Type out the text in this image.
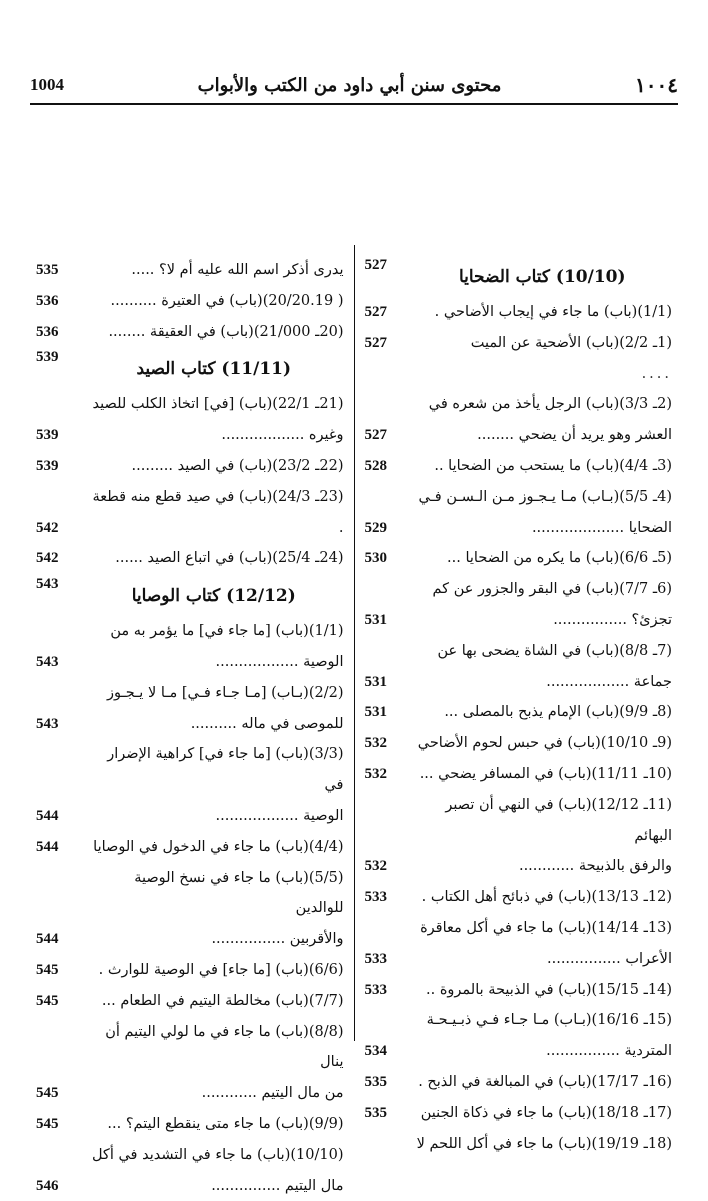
1004	محتوى سنن أبي داود من الكتب والأبواب	١٠٠٤
يدرى أذكر اسم الله عليه أم لا؟ .....
535
( 20/20.19)(باب) في العتيرة ..........
536
(20ـ 21/000)(باب) في العقيقة ........
536
(11/11) كتاب الصيد
539
(21ـ 22/1)(باب) [في] اتخاذ الكلب للصيد
وغيره ..................
539
(22ـ 23/2)(باب) في الصيد .........
539
(23ـ 24/3)(باب) في صيد قطع منه قطعة .
542
(24ـ 25/4)(باب) في اتباع الصيد ......
542
(12/12) كتاب الوصايا
543
(1/1)(باب) [ما جاء في] ما يؤمر به من
الوصية ..................
543
(2/2)(بـاب) [مـا جـاء فـي] مـا لا يـجـوز
للموصى في ماله ..........
543
(3/3)(باب) [ما جاء في] كراهية الإضرار في
الوصية ..................
544
(4/4)(باب) ما جاء في الدخول في الوصايا
544
(5/5)(باب) ما جاء في نسخ الوصية للوالدين
والأقربين ................
544
(6/6)(باب) [ما جاء] في الوصية للوارث .
545
(7/7)(باب) مخالطة اليتيم في الطعام ...
545
(8/8)(باب) ما جاء في ما لولي اليتيم أن ينال
من مال اليتيم ............
545
(9/9)(باب) ما جاء متى ينقطع اليتم؟ ...
545
(10/10)(باب) ما جاء في التشديد في أكل
مال اليتيم ...............
546
(10/10) كتاب الضحايا
527
(1/1)(باب) ما جاء في إيجاب الأضاحي .
527
(1ـ 2/2)(باب) الأضحية عن الميت
527
....
(2ـ 3/3)(باب) الرجل يأخذ من شعره في
العشر وهو يريد أن يضحي ........
527
(3ـ 4/4)(باب) ما يستحب من الضحايا ..
528
(4ـ 5/5)(بـاب) مـا يـجـوز مـن الـسـن فـي
الضحايا ....................
529
(5ـ 6/6)(باب) ما يكره من الضحايا ...
530
(6ـ 7/7)(باب) في البقر والجزور عن كم
تجزئ؟ ................
531
(7ـ 8/8)(باب) في الشاة يضحى بها عن
جماعة ..................
531
(8ـ 9/9)(باب) الإمام يذبح بالمصلى ...
531
(9ـ 10/10)(باب) في حبس لحوم الأضاحي
532
(10ـ 11/11)(باب) في المسافر يضحي ...
532
(11ـ 12/12)(باب) في النهي أن تصبر البهائم
والرفق بالذبيحة ............
532
(12ـ 13/13)(باب) في ذبائح أهل الكتاب .
533
(13ـ 14/14)(باب) ما جاء في أكل معاقرة
الأعراب ................
533
(14ـ 15/15)(باب) في الذبيحة بالمروة ..
533
(15ـ 16/16)(بـاب) مـا جـاء فـي ذبـيـحـة
المتردية ................
534
(16ـ 17/17)(باب) في المبالغة في الذبح .
535
(17ـ 18/18)(باب) ما جاء في ذكاة الجنين
535
(18ـ 19/19)(باب) ما جاء في أكل اللحم لا
